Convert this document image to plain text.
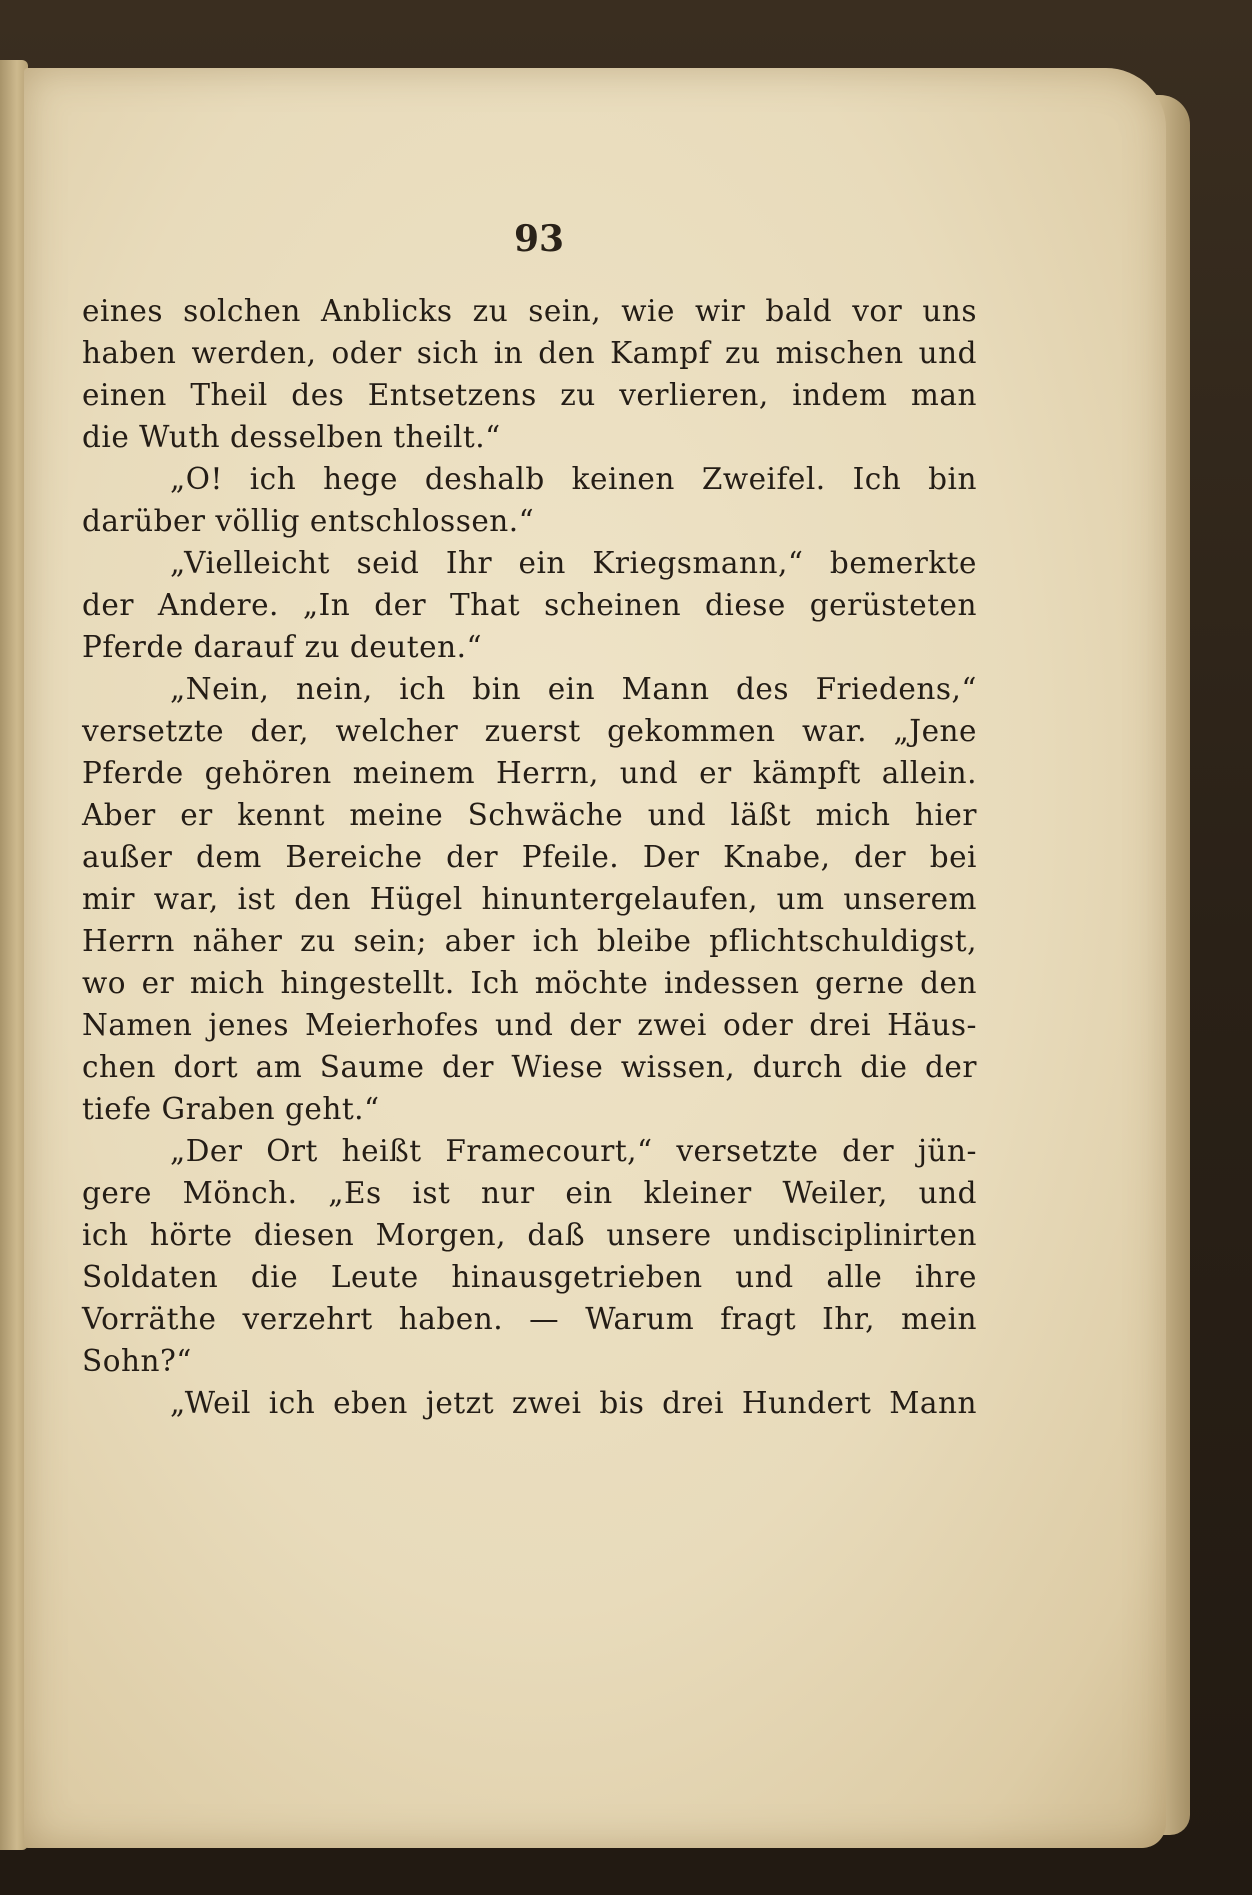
93

eines solchen Anblicks zu sein, wie wir bald vor uns
haben werden, oder sich in den Kampf zu mischen und
einen Theil des Entsetzens zu verlieren, indem man
die Wuth desselben theilt.“
„O! ich hege deshalb keinen Zweifel. Ich bin
darüber völlig entschlossen.“
„Vielleicht seid Ihr ein Kriegsmann,“ bemerkte
der Andere. „In der That scheinen diese gerüsteten
Pferde darauf zu deuten.“
„Nein, nein, ich bin ein Mann des Friedens,“
versetzte der, welcher zuerst gekommen war. „Jene
Pferde gehören meinem Herrn, und er kämpft allein.
Aber er kennt meine Schwäche und läßt mich hier
außer dem Bereiche der Pfeile. Der Knabe, der bei
mir war, ist den Hügel hinuntergelaufen, um unserem
Herrn näher zu sein; aber ich bleibe pflichtschuldigst,
wo er mich hingestellt. Ich möchte indessen gerne den
Namen jenes Meierhofes und der zwei oder drei Häus-
chen dort am Saume der Wiese wissen, durch die der
tiefe Graben geht.“
„Der Ort heißt Framecourt,“ versetzte der jün-
gere Mönch. „Es ist nur ein kleiner Weiler, und
ich hörte diesen Morgen, daß unsere undisciplinirten
Soldaten die Leute hinausgetrieben und alle ihre
Vorräthe verzehrt haben. — Warum fragt Ihr, mein
Sohn?“
„Weil ich eben jetzt zwei bis drei Hundert Mann
